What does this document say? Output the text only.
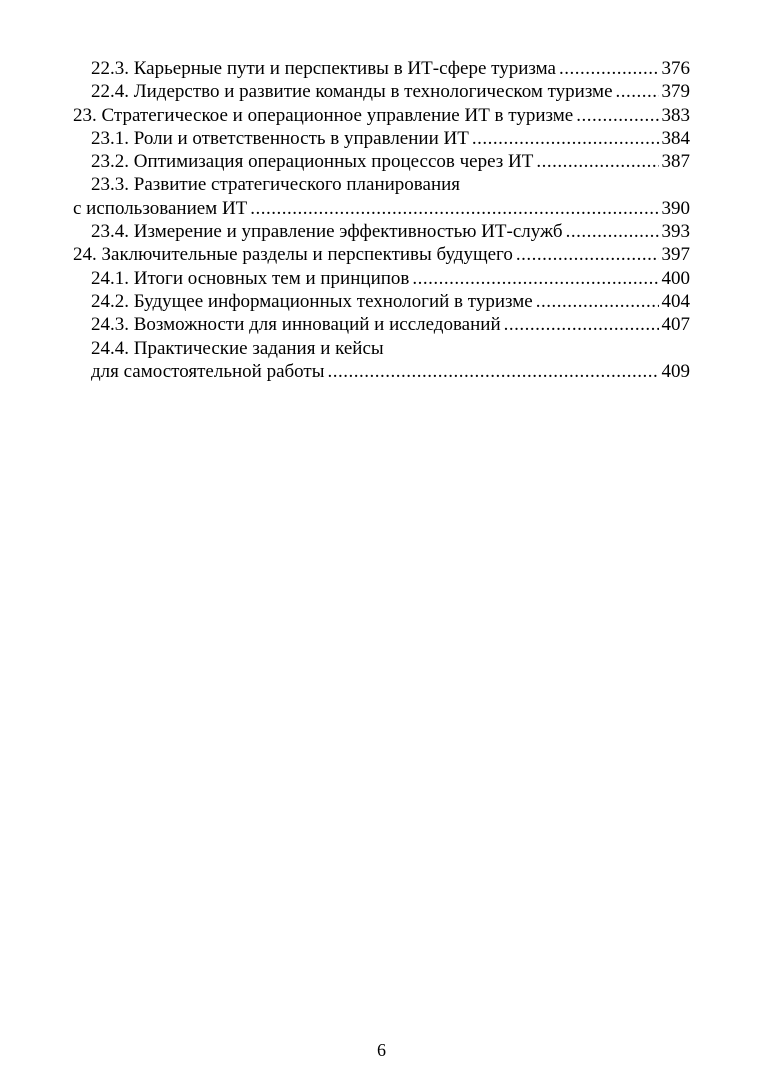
22.3. Карьерные пути и перспективы в ИТ-сфере туризма .....	376
22.4. Лидерство и развитие команды в технологическом туризме .....	379
23. Стратегическое и операционное управление ИТ в туризме .....	383
23.1. Роли и ответственность в управлении ИТ .....	384
23.2. Оптимизация операционных процессов через ИТ .....	387
23.3. Развитие стратегического планирования
с использованием ИТ .....	390
23.4. Измерение и управление эффективностью ИТ-служб .....	393
24. Заключительные разделы и перспективы будущего .....	397
24.1. Итоги основных тем и принципов .....	400
24.2. Будущее информационных технологий в туризме .....	404
24.3. Возможности для инноваций и исследований .....	407
24.4. Практические задания и кейсы
для самостоятельной работы .....	409
6
